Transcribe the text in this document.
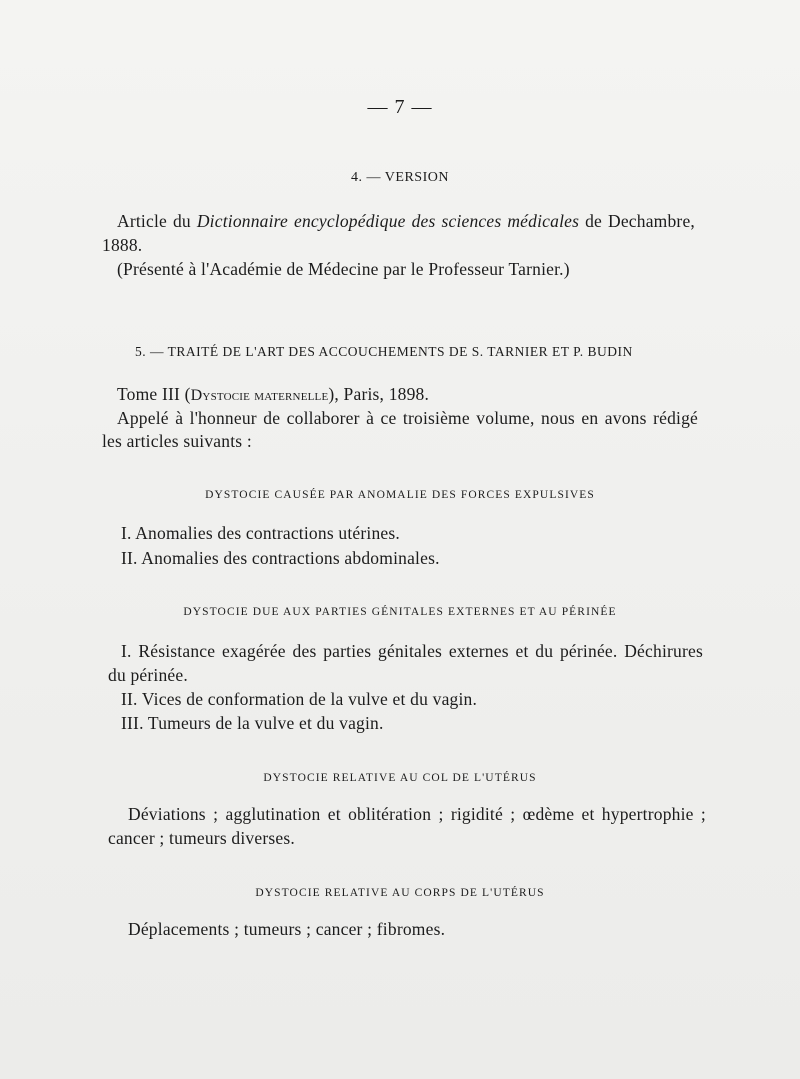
— 7 —
4. — VERSION
Article du Dictionnaire encyclopédique des sciences médicales de Dechambre,
1888.
(Présenté à l'Académie de Médecine par le Professeur Tarnier.)
5. — TRAITÉ DE L'ART DES ACCOUCHEMENTS DE S. TARNIER ET P. BUDIN
Tome III (Dystocie maternelle), Paris, 1898.
Appelé à l'honneur de collaborer à ce troisième volume, nous en avons rédigé
les articles suivants :
DYSTOCIE CAUSÉE PAR ANOMALIE DES FORCES EXPULSIVES
I. Anomalies des contractions utérines.
II. Anomalies des contractions abdominales.
DYSTOCIE DUE AUX PARTIES GÉNITALES EXTERNES ET AU PÉRINÉE
I. Résistance exagérée des parties génitales externes et du périnée. Déchirures
du périnée.
II. Vices de conformation de la vulve et du vagin.
III. Tumeurs de la vulve et du vagin.
DYSTOCIE RELATIVE AU COL DE L'UTÉRUS
Déviations ; agglutination et oblitération ; rigidité ; œdème et hypertrophie ;
cancer ; tumeurs diverses.
DYSTOCIE RELATIVE AU CORPS DE L'UTÉRUS
Déplacements ; tumeurs ; cancer ; fibromes.
